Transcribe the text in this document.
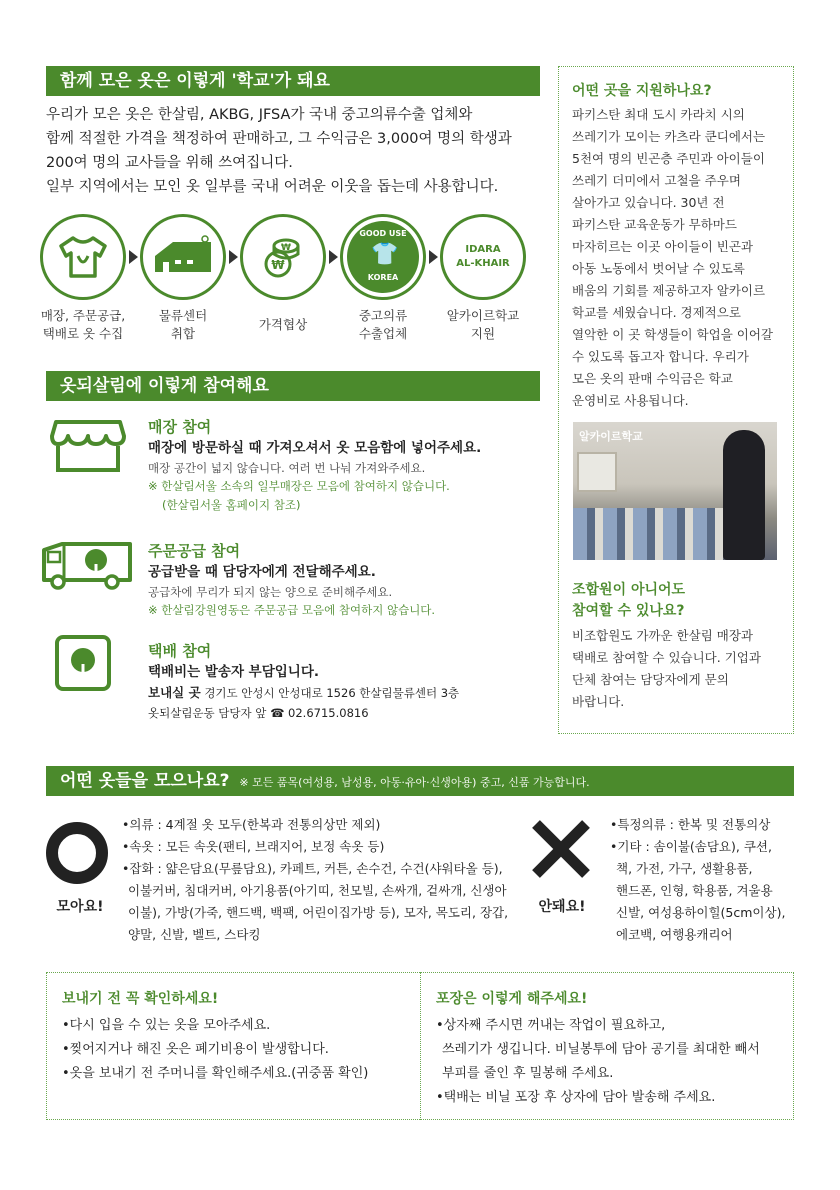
함께 모은 옷은 이렇게 '학교'가 돼요
우리가 모은 옷은 한살림, AKBG, JFSA가 국내 중고의류수출 업체와
함께 적절한 가격을 책정하여 판매하고, 그 수익금은 3,000여 명의 학생과
200여 명의 교사들을 위해 쓰여집니다.
일부 지역에서는 모인 옷 일부를 국내 어려운 이웃을 돕는데 사용합니다.
₩
₩
GOOD USE
👕
KOREA
IDARA
AL-KHAIR
매장, 주문공급,
택배로 옷 수집
물류센터
취합
가격협상
중고의류
수출업체
알카이르학교
지원
옷되살림에 이렇게 참여해요
매장 참여
매장에 방문하실 때 가져오셔서 옷 모음함에 넣어주세요.
매장 공간이 넓지 않습니다. 여러 번 나눠 가져와주세요.
※ 한살림서울 소속의 일부매장은 모음에 참여하지 않습니다.
(한살림서울 홈페이지 참조)
주문공급 참여
공급받을 때 담당자에게 전달해주세요.
공급차에 무리가 되지 않는 양으로 준비해주세요.
※ 한살림강원영동은 주문공급 모음에 참여하지 않습니다.
택배 참여
택배비는 발송자 부담입니다.
보내실 곳 경기도 안성시 안성대로 1526 한살림물류센터 3층
옷되살림운동 담당자 앞 ☎ 02.6715.0816
어떤 곳을 지원하나요?
파키스탄 최대 도시 카라치 시의
쓰레기가 모이는 카츠라 쿤디에서는
5천여 명의 빈곤층 주민과 아이들이
쓰레기 더미에서 고철을 주우며
살아가고 있습니다. 30년 전
파키스탄 교육운동가 무하마드
마자히르는 이곳 아이들이 빈곤과
아동 노동에서 벗어날 수 있도록
배움의 기회를 제공하고자 알카이르
학교를 세웠습니다. 경제적으로
열악한 이 곳 학생들이 학업을 이어갈
수 있도록 돕고자 합니다. 우리가
모은 옷의 판매 수익금은 학교
운영비로 사용됩니다.
알카이르학교
조합원이 아니어도
참여할 수 있나요?
비조합원도 가까운 한살림 매장과
택배로 참여할 수 있습니다. 기업과
단체 참여는 담당자에게 문의
바랍니다.
어떤 옷들을 모으나요? ※ 모든 품목(여성용, 남성용, 아동·유아·신생아용) 중고, 신품 가능합니다.
모아요!
•의류 : 4계절 옷 모두(한복과 전통의상만 제외)
•속옷 : 모든 속옷(팬티, 브래지어, 보정 속옷 등)
•잡화 : 얇은담요(무릎담요), 카페트, 커튼, 손수건, 수건(샤워타올 등),
이불커버, 침대커버, 아기용품(아기띠, 천모빌, 손싸개, 겉싸개, 신생아
이불), 가방(가죽, 핸드백, 백팩, 어린이집가방 등), 모자, 목도리, 장갑,
양말, 신발, 벨트, 스타킹
안돼요!
•특정의류 : 한복 및 전통의상
•기타 : 솜이불(솜담요), 쿠션,
책, 가전, 가구, 생활용품,
핸드폰, 인형, 학용품, 겨울용
신발, 여성용하이힐(5cm이상),
에코백, 여행용캐리어
보내기 전 꼭 확인하세요!
•다시 입을 수 있는 옷을 모아주세요.
•찢어지거나 해진 옷은 폐기비용이 발생합니다.
•옷을 보내기 전 주머니를 확인해주세요.(귀중품 확인)
포장은 이렇게 해주세요!
•상자째 주시면 꺼내는 작업이 필요하고,
쓰레기가 생깁니다. 비닐봉투에 담아 공기를 최대한 빼서
부피를 줄인 후 밀봉해 주세요.
•택배는 비닐 포장 후 상자에 담아 발송해 주세요.
